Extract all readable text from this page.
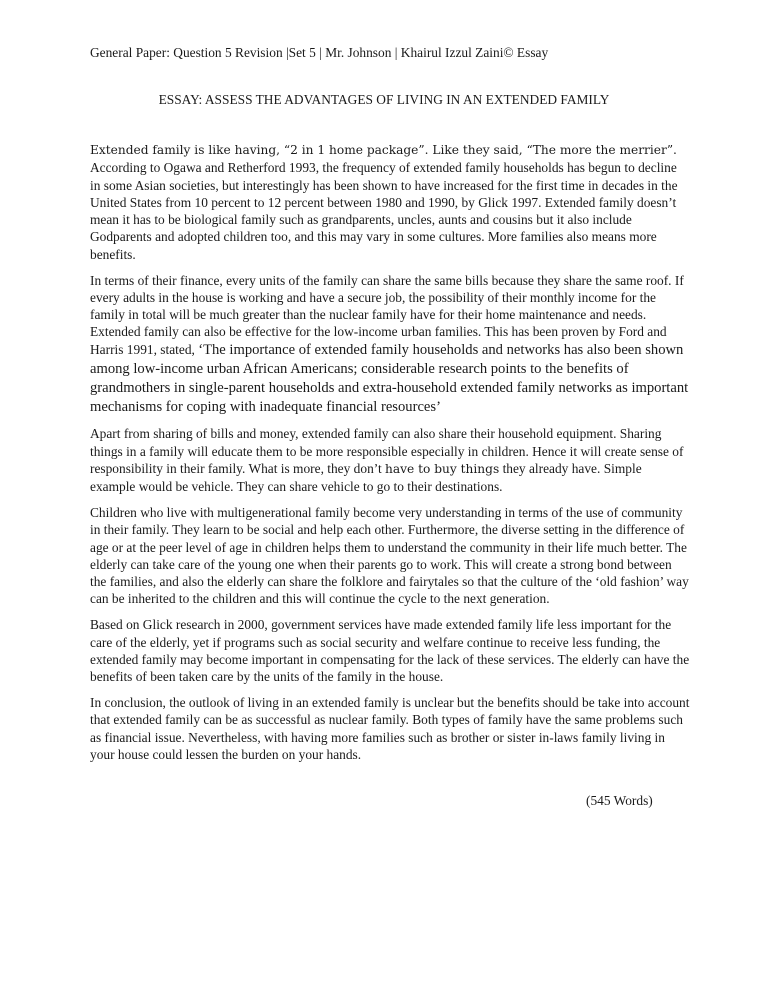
General Paper: Question 5 Revision |Set 5 | Mr. Johnson | Khairul Izzul Zaini© Essay
ESSAY: ASSESS THE ADVANTAGES OF LIVING IN AN EXTENDED FAMILY

Extended family is like having, “2 in 1 home package”. Like they said, “The more the merrier”. According to Ogawa and Retherford 1993, the frequency of extended family households has begun to decline in some Asian societies, but interestingly has been shown to have increased for the first time in decades in the United States from 10 percent to 12 percent between 1980 and 1990, by Glick 1997. Extended family doesn’t mean it has to be biological family such as grandparents, uncles, aunts and cousins but it also include Godparents and adopted children too, and this may vary in some cultures. More families also means more benefits.

In terms of their finance, every units of the family can share the same bills because they share the same roof. If every adults in the house is working and have a secure job, the possibility of their monthly income for the family in total will be much greater than the nuclear family have for their home maintenance and needs. Extended family can also be effective for the low-income urban families. This has been proven by Ford and Harris 1991, stated, ‘The importance of extended family households and networks has also been shown among low-income urban African Americans; considerable research points to the benefits of grandmothers in single-parent households and extra-household extended family networks as important mechanisms for coping with inadequate financial resources’

Apart from sharing of bills and money, extended family can also share their household equipment. Sharing things in a family will educate them to be more responsible especially in children. Hence it will create sense of responsibility in their family. What is more, they don’t have to buy things they already have. Simple example would be vehicle. They can share vehicle to go to their destinations.

Children who live with multigenerational family become very understanding in terms of the use of community in their family. They learn to be social and help each other. Furthermore, the diverse setting in the difference of age or at the peer level of age in children helps them to understand the community in their life much better. The elderly can take care of the young one when their parents go to work. This will create a strong bond between the families, and also the elderly can share the folklore and fairytales so that the culture of the ‘old fashion’ way can be inherited to the children and this will continue the cycle to the next generation.

Based on Glick research in 2000, government services have made extended family life less important for the care of the elderly, yet if programs such as social security and welfare continue to receive less funding, the extended family may become important in compensating for the lack of these services. The elderly can have the benefits of been taken care by the units of the family in the house.

In conclusion, the outlook of living in an extended family is unclear but the benefits should be take into account that extended family can be as successful as nuclear family. Both types of family have the same problems such as financial issue. Nevertheless, with having more families such as brother or sister in-laws family living in your house could lessen the burden on your hands.

(545 Words)
